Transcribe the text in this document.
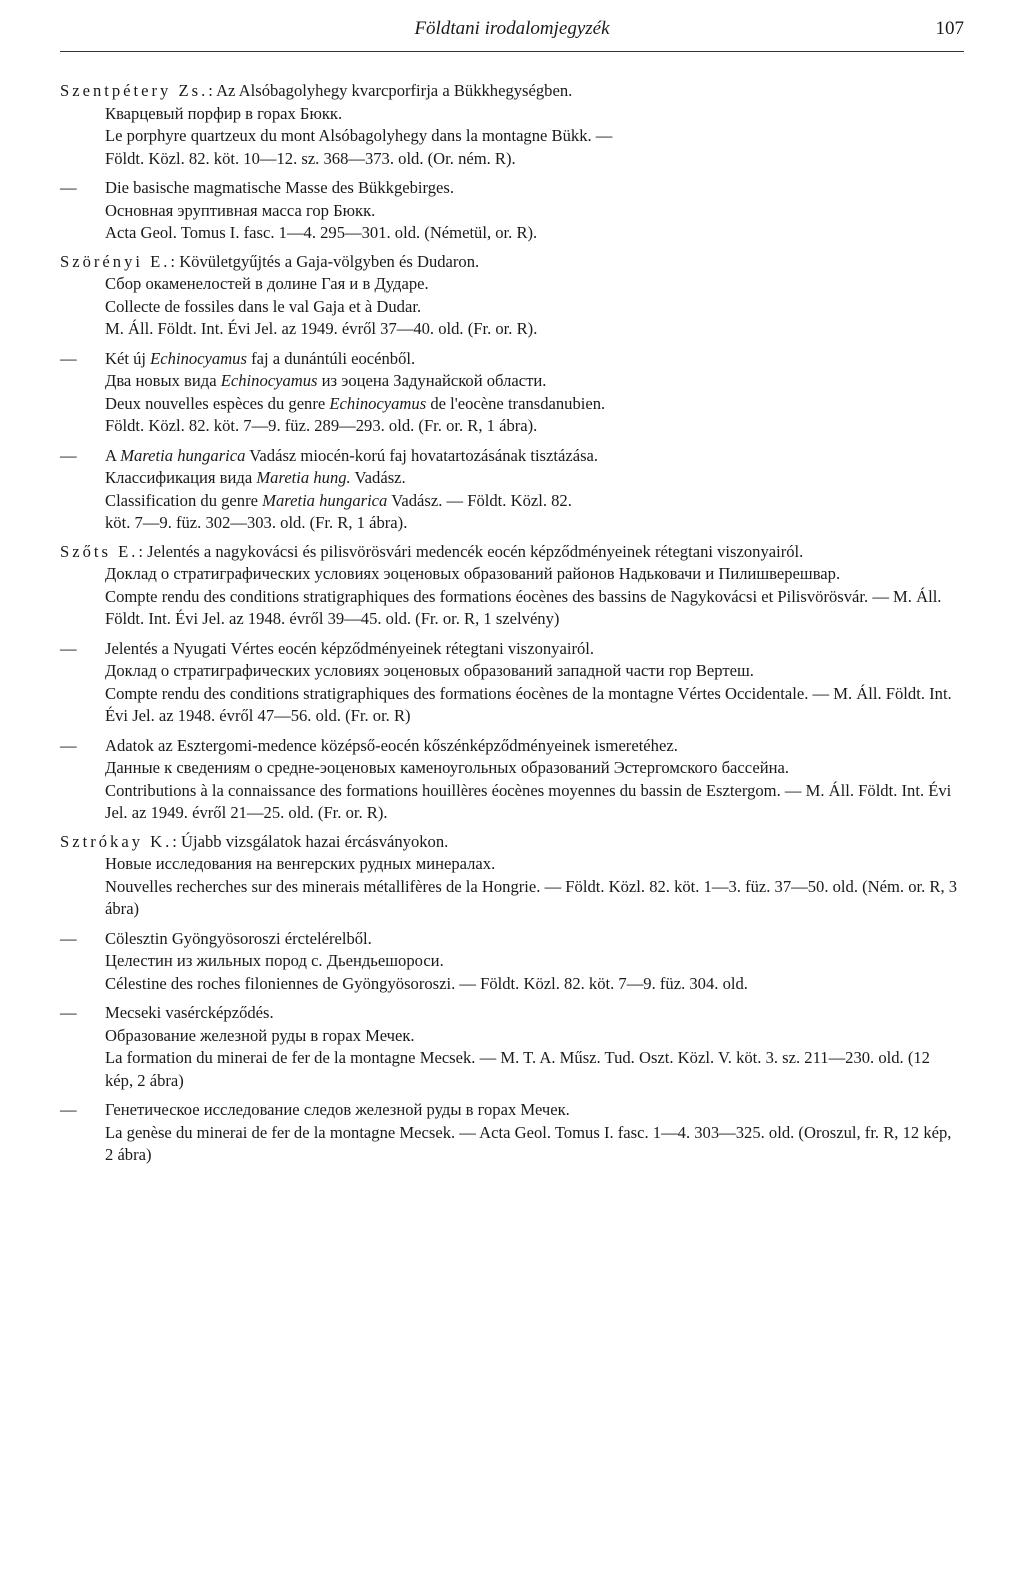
Földtani irodalomjegyzék	107

Szentpétery Zs.: Az Alsóbagolyhegy kvarcporfirja a Bükkhegységben.

Кварцевый порфир в горах Бюкк.

Le porphyre quartzeux du mont Alsóbagolyhegy dans la montagne Bükk. —

Földt. Közl. 82. köt. 10—12. sz. 368—373. old. (Or. ném. R).

— Die basische magmatische Masse des Bükkgebirges.

Основная эруптивная масса гор Бюкк.

Acta Geol. Tomus I. fasc. 1—4. 295—301. old. (Németül, or. R).

Szörényi E.: Kövületgyűjtés a Gaja-völgyben és Dudaron.

Сбор окаменелостей в долине Гая и в Дударе.

Collecte de fossiles dans le val Gaja et à Dudar.

M. Áll. Földt. Int. Évi Jel. az 1949. évről 37—40. old. (Fr. or. R).

— Két új Echinocyamus faj a dunántúli eocénből.

Два новых вида Echinocyamus из эоцена Задунайской области.

Deux nouvelles espèces du genre Echinocyamus de l'eocène transdanubien.

Földt. Közl. 82. köt. 7—9. füz. 289—293. old. (Fr. or. R, 1 ábra).

— A Maretia hungarica Vadász miocén-korú faj hovatartozásának tisztázása.

Классификация вида Maretia hung. Vadász.

Classification du genre Maretia hungarica Vadász. — Földt. Közl. 82.

köt. 7—9. füz. 302—303. old. (Fr. R, 1 ábra).

Szőts E.: Jelentés a nagykovácsi és pilisvörösvári medencék eocén képződményeinek rétegtani viszonyairól.

Доклад о стратиграфических условиях эоценовых образований районов Надьковачи и Пилишверешвар.

Compte rendu des conditions stratigraphiques des formations éocènes des bassins de Nagykovácsi et Pilisvörösvár. — M. Áll. Földt. Int. Évi Jel. az 1948. évről 39—45. old. (Fr. or. R, 1 szelvény)

— Jelentés a Nyugati Vértes eocén képződményeinek rétegtani viszonyairól.

Доклад о стратиграфических условиях эоценовых образований западной части гор Вертеш.

Compte rendu des conditions stratigraphiques des formations éocènes de la montagne Vértes Occidentale. — M. Áll. Földt. Int. Évi Jel. az 1948. évről 47—56. old. (Fr. or. R)

— Adatok az Esztergomi-medence középső-eocén kőszénképződményeinek ismeretéhez.

Данные к сведениям о средне-эоценовых каменоугольных образований Эстергомского бассейна.

Contributions à la connaissance des formations houillères éocènes moyennes du bassin de Esztergom. — M. Áll. Földt. Int. Évi Jel. az 1949. évről 21—25. old. (Fr. or. R).

Sztrókay K.: Újabb vizsgálatok hazai ércásványokon.

Новые исследования на венгерских рудных минералах.

Nouvelles recherches sur des minerais métallifères de la Hongrie. — Földt. Közl. 82. köt. 1—3. füz. 37—50. old. (Ném. or. R, 3 ábra)

— Cölesztin Gyöngyösoroszi érctelérelből.

Целестин из жильных пород с. Дьендьешороси.

Célestine des roches filoniennes de Gyöngyösoroszi. — Földt. Közl. 82. köt. 7—9. füz. 304. old.

— Mecseki vasércképződés.

Образование железной руды в горах Мечек.

La formation du minerai de fer de la montagne Mecsek. — M. T. A. Műsz. Tud. Oszt. Közl. V. köt. 3. sz. 211—230. old. (12 kép, 2 ábra)

— Генетическое исследование следов железной руды в горах Мечек.

La genèse du minerai de fer de la montagne Mecsek. — Acta Geol. Tomus I. fasc. 1—4. 303—325. old. (Oroszul, fr. R, 12 kép, 2 ábra)
